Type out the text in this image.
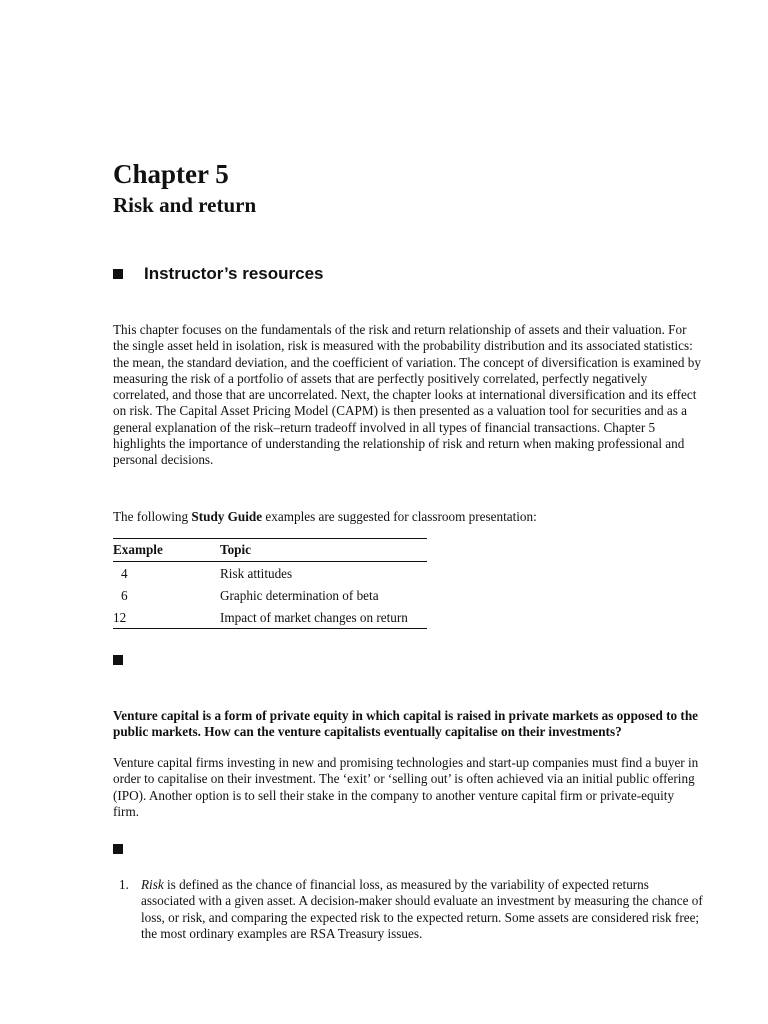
Chapter 5
Risk and return
Instructor’s resources

This chapter focuses on the fundamentals of the risk and return relationship of assets and their valuation. For the single asset held in isolation, risk is measured with the probability distribution and its associated statistics: the mean, the standard deviation, and the coefficient of variation. The concept of diversification is examined by measuring the risk of a portfolio of assets that are perfectly positively correlated, perfectly negatively correlated, and those that are uncorrelated. Next, the chapter looks at international diversification and its effect on risk. The Capital Asset Pricing Model (CAPM) is then presented as a valuation tool for securities and as a general explanation of the risk–return tradeoff involved in all types of financial transactions. Chapter 5 highlights the importance of understanding the relationship of risk and return when making professional and personal decisions.

The following Study Guide examples are suggested for classroom presentation:

Example	Topic
4	Risk attitudes
6	Graphic determination of beta
12	Impact of market changes on return

Venture capital is a form of private equity in which capital is raised in private markets as opposed to the public markets. How can the venture capitalists eventually capitalise on their investments?

Venture capital firms investing in new and promising technologies and start-up companies must find a buyer in order to capitalise on their investment. The ‘exit’ or ‘selling out’ is often achieved via an initial public offering (IPO). Another option is to sell their stake in the company to another venture capital firm or private-equity firm.

1. Risk is defined as the chance of financial loss, as measured by the variability of expected returns associated with a given asset. A decision-maker should evaluate an investment by measuring the chance of loss, or risk, and comparing the expected risk to the expected return. Some assets are considered risk free; the most ordinary examples are RSA Treasury issues.
